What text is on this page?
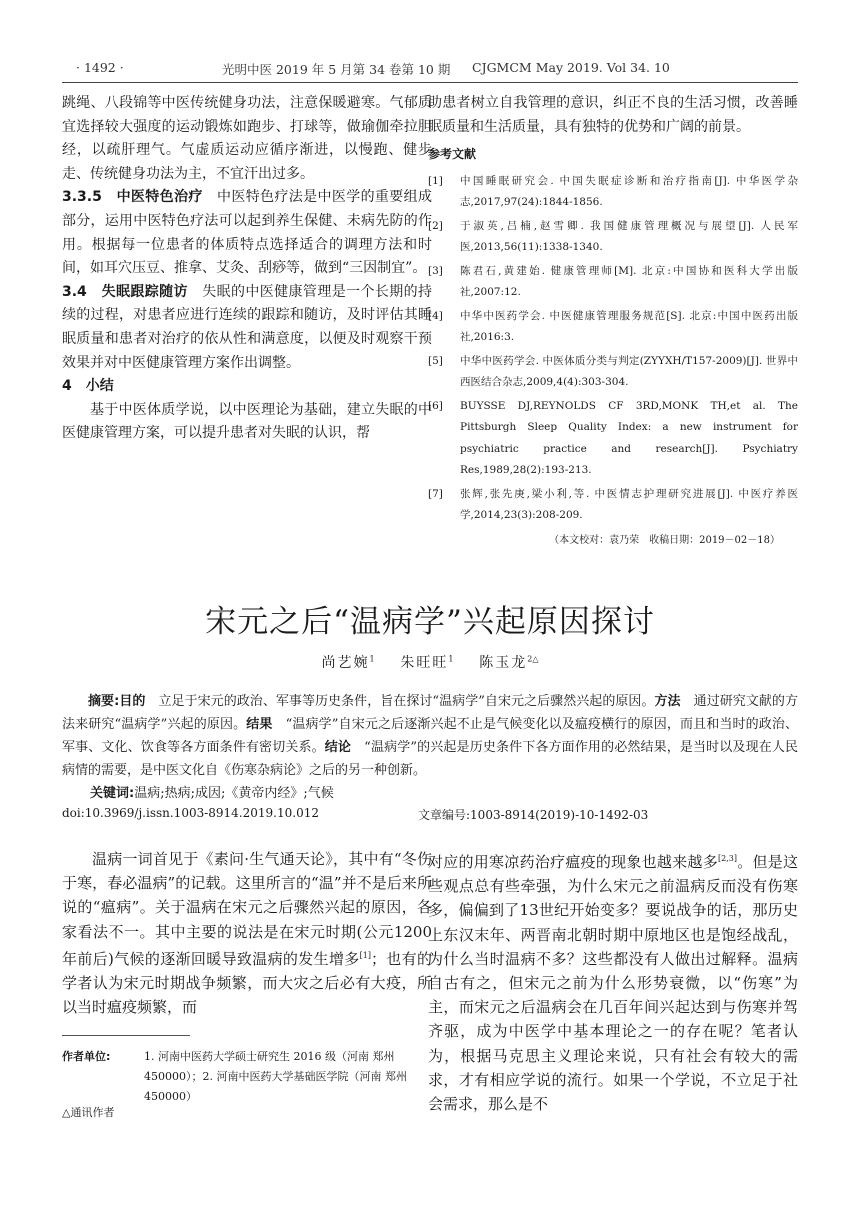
· 1492 ·	光明中医 2019 年 5 月第 34 卷第 10 期 CJGMCM May 2019. Vol 34. 10

跳绳、八段锦等中医传统健身功法，注意保暖避寒。气郁质宜选择较大强度的运动锻炼如跑步、打球等，做瑜伽牵拉胆经，以疏肝理气。气虚质运动应循序渐进，以慢跑、健步走、传统健身功法为主，不宜汗出过多。

3.3.5　中医特色治疗　中医特色疗法是中医学的重要组成部分，运用中医特色疗法可以起到养生保健、未病先防的作用。根据每一位患者的体质特点选择适合的调理方法和时间，如耳穴压豆、推拿、艾灸、刮痧等，做到“三因制宜”。

3.4　失眠跟踪随访　失眠的中医健康管理是一个长期的持续的过程，对患者应进行连续的跟踪和随访，及时评估其睡眠质量和患者对治疗的依从性和满意度，以便及时观察干预效果并对中医健康管理方案作出调整。

4　小结

基于中医体质学说，以中医理论为基础，建立失眠的中医健康管理方案，可以提升患者对失眠的认识，帮

助患者树立自我管理的意识，纠正不良的生活习惯，改善睡眠质量和生活质量，具有独特的优势和广阔的前景。

参考文献
[1]	中国睡眠研究会. 中国失眠症诊断和治疗指南[J]. 中华医学杂志,2017,97(24):1844-1856.
[2]	于淑英,吕楠,赵雪卿. 我国健康管理概况与展望[J]. 人民军医,2013,56(11):1338-1340.
[3]	陈君石,黄建始. 健康管理师[M]. 北京:中国协和医科大学出版社,2007:12.
[4]	中华中医药学会. 中医健康管理服务规范[S]. 北京:中国中医药出版社,2016:3.
[5]	中华中医药学会. 中医体质分类与判定(ZYYXH/T157-2009)[J]. 世界中西医结合杂志,2009,4(4):303-304.
[6]	BUYSSE DJ,REYNOLDS CF 3RD,MONK TH,et al. The Pittsburgh Sleep Quality Index: a new instrument for psychiatric practice and research[J]. Psychiatry Res,1989,28(2):193-213.
[7]	张辉,张先庚,梁小利,等. 中医情志护理研究进展[J]. 中医疗养医学,2014,23(3):208-209.
（本文校对：袁乃荣　收稿日期：2019－02－18）
宋元之后“温病学”兴起原因探讨
尚艺婉$^1$ 朱旺旺$^1$ 陈玉龙$^{2\triangle}$
摘要:目的　立足于宋元的政治、军事等历史条件，旨在探讨“温病学”自宋元之后骤然兴起的原因。方法　通过研究文献的方法来研究“温病学”兴起的原因。结果　“温病学”自宋元之后逐渐兴起不止是气候变化以及瘟疫横行的原因，而且和当时的政治、军事、文化、饮食等各方面条件有密切关系。结论　“温病学”的兴起是历史条件下各方面作用的必然结果，是当时以及现在人民病情的需要，是中医文化自《伤寒杂病论》之后的另一种创新。
关键词:温病;热病;成因;《黄帝内经》;气候
doi:10.3969/j.issn.1003-8914.2019.10.012	文章编号:1003-8914(2019)-10-1492-03

温病一词首见于《素问·生气通天论》，其中有“冬伤于寒，春必温病”的记载。这里所言的“温”并不是后来所说的“瘟病”。关于温病在宋元之后骤然兴起的原因，各家看法不一。其中主要的说法是在宋元时期(公元1200年前后)气候的逐渐回暖导致温病的发生增多[1]；也有的学者认为宋元时期战争频繁，而大灾之后必有大疫，所以当时瘟疫频繁，而

对应的用寒凉药治疗瘟疫的现象也越来越多[2,3]。但是这些观点总有些牵强，为什么宋元之前温病反而没有伤寒多，偏偏到了13世纪开始变多？要说战争的话，那历史上东汉末年、两晋南北朝时期中原地区也是饱经战乱，为什么当时温病不多？这些都没有人做出过解释。温病自古有之，但宋元之前为什么形势衰微，以“伤寒”为主，而宋元之后温病会在几百年间兴起达到与伤寒并驾齐驱，成为中医学中基本理论之一的存在呢？笔者认为，根据马克思主义理论来说，只有社会有较大的需求，才有相应学说的流行。如果一个学说，不立足于社会需求，那么是不

作者单位:	1. 河南中医药大学硕士研究生 2016 级（河南 郑州 450000）；2. 河南中医药大学基础医学院（河南 郑州 450000）
△通讯作者
